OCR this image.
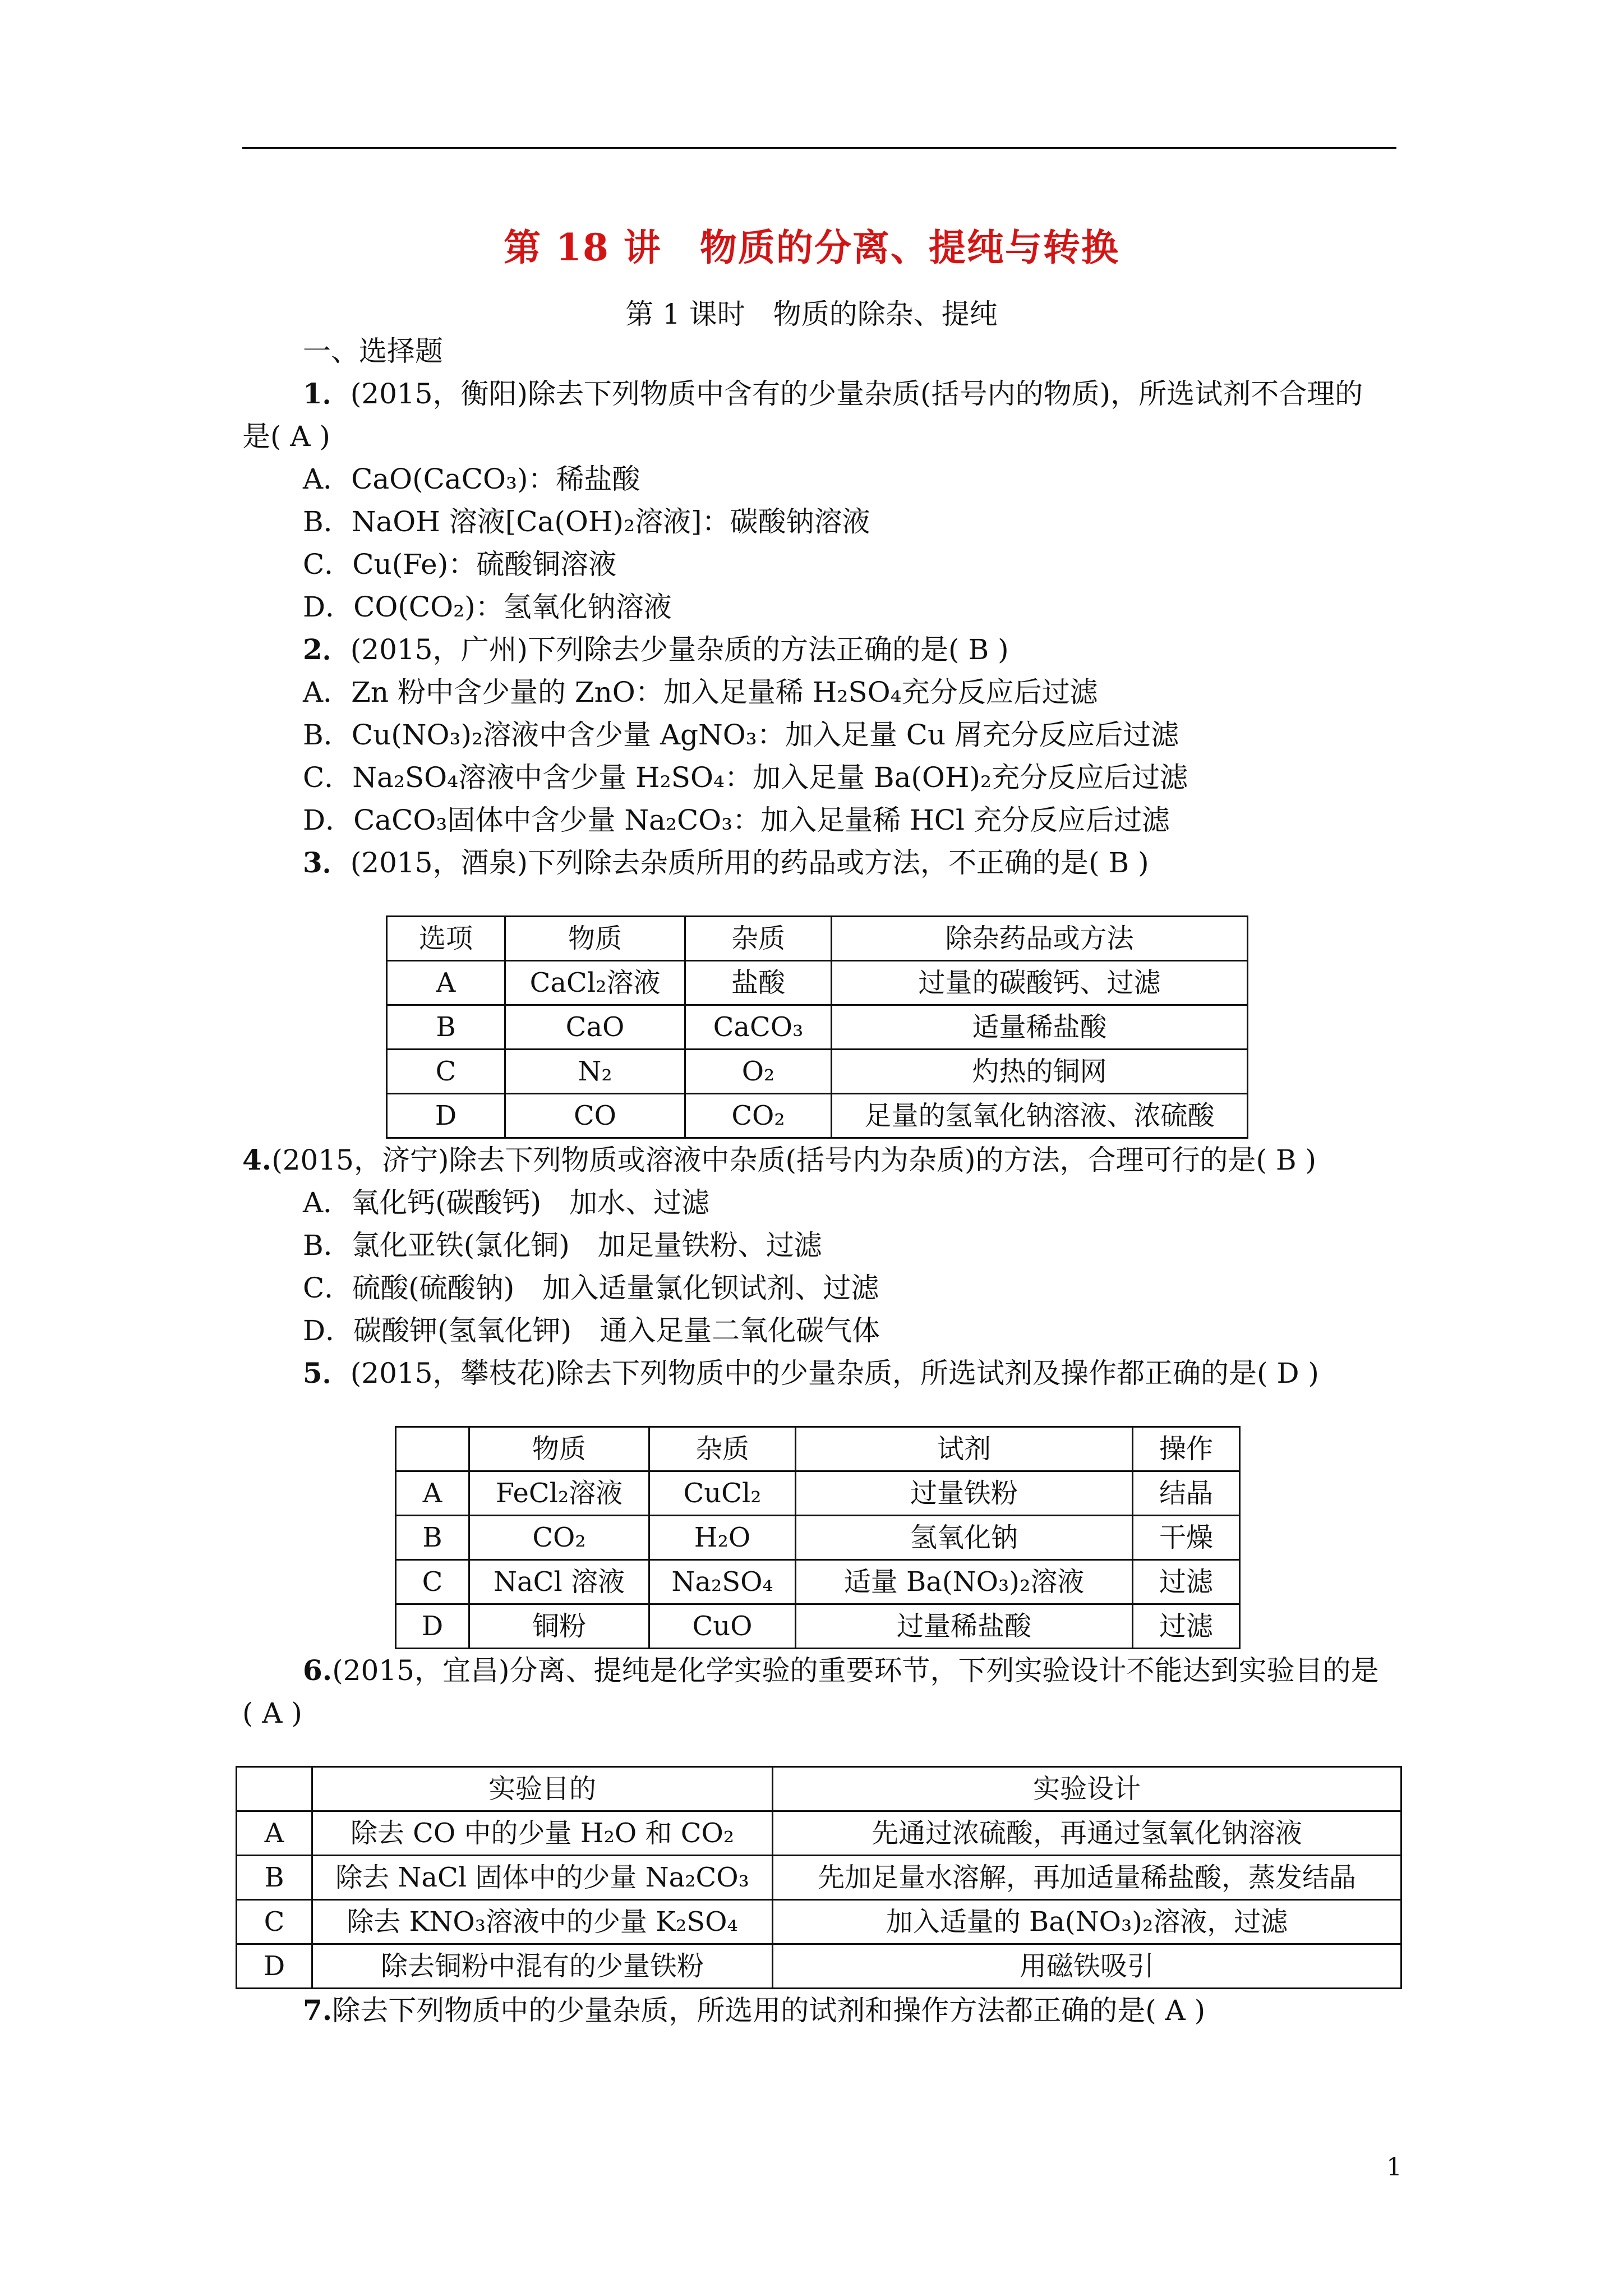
第 18 讲　物质的分离、提纯与转换
第 1 课时　物质的除杂、提纯
一、选择题
1．(2015，衡阳)除去下列物质中含有的少量杂质(括号内的物质)，所选试剂不合理的
是( A )
A．CaO(CaCO₃)：稀盐酸
B．NaOH 溶液[Ca(OH)₂溶液]：碳酸钠溶液
C．Cu(Fe)：硫酸铜溶液
D．CO(CO₂)：氢氧化钠溶液
2．(2015，广州)下列除去少量杂质的方法正确的是( B )
A．Zn 粉中含少量的 ZnO：加入足量稀 H₂SO₄充分反应后过滤
B．Cu(NO₃)₂溶液中含少量 AgNO₃：加入足量 Cu 屑充分反应后过滤
C．Na₂SO₄溶液中含少量 H₂SO₄：加入足量 Ba(OH)₂充分反应后过滤
D．CaCO₃固体中含少量 Na₂CO₃：加入足量稀 HCl 充分反应后过滤
3．(2015，酒泉)下列除去杂质所用的药品或方法，不正确的是( B )
选项	物质	杂质	除杂药品或方法
A	CaCl₂溶液	盐酸	过量的碳酸钙、过滤
B	CaO	CaCO₃	适量稀盐酸
C	N₂	O₂	灼热的铜网
D	CO	CO₂	足量的氢氧化钠溶液、浓硫酸
4.(2015，济宁)除去下列物质或溶液中杂质(括号内为杂质)的方法，合理可行的是( B )
A．氧化钙(碳酸钙)　加水、过滤
B．氯化亚铁(氯化铜)　加足量铁粉、过滤
C．硫酸(硫酸钠)　加入适量氯化钡试剂、过滤
D．碳酸钾(氢氧化钾)　通入足量二氧化碳气体
5．(2015，攀枝花)除去下列物质中的少量杂质，所选试剂及操作都正确的是( D )
	物质	杂质	试剂	操作
A	FeCl₂溶液	CuCl₂	过量铁粉	结晶
B	CO₂	H₂O	氢氧化钠	干燥
C	NaCl 溶液	Na₂SO₄	适量 Ba(NO₃)₂溶液	过滤
D	铜粉	CuO	过量稀盐酸	过滤
6.(2015，宜昌)分离、提纯是化学实验的重要环节，下列实验设计不能达到实验目的是
( A )
	实验目的	实验设计
A	除去 CO 中的少量 H₂O 和 CO₂	先通过浓硫酸，再通过氢氧化钠溶液
B	除去 NaCl 固体中的少量 Na₂CO₃	先加足量水溶解，再加适量稀盐酸，蒸发结晶
C	除去 KNO₃溶液中的少量 K₂SO₄	加入适量的 Ba(NO₃)₂溶液，过滤
D	除去铜粉中混有的少量铁粉	用磁铁吸引
7.除去下列物质中的少量杂质，所选用的试剂和操作方法都正确的是( A )
1
